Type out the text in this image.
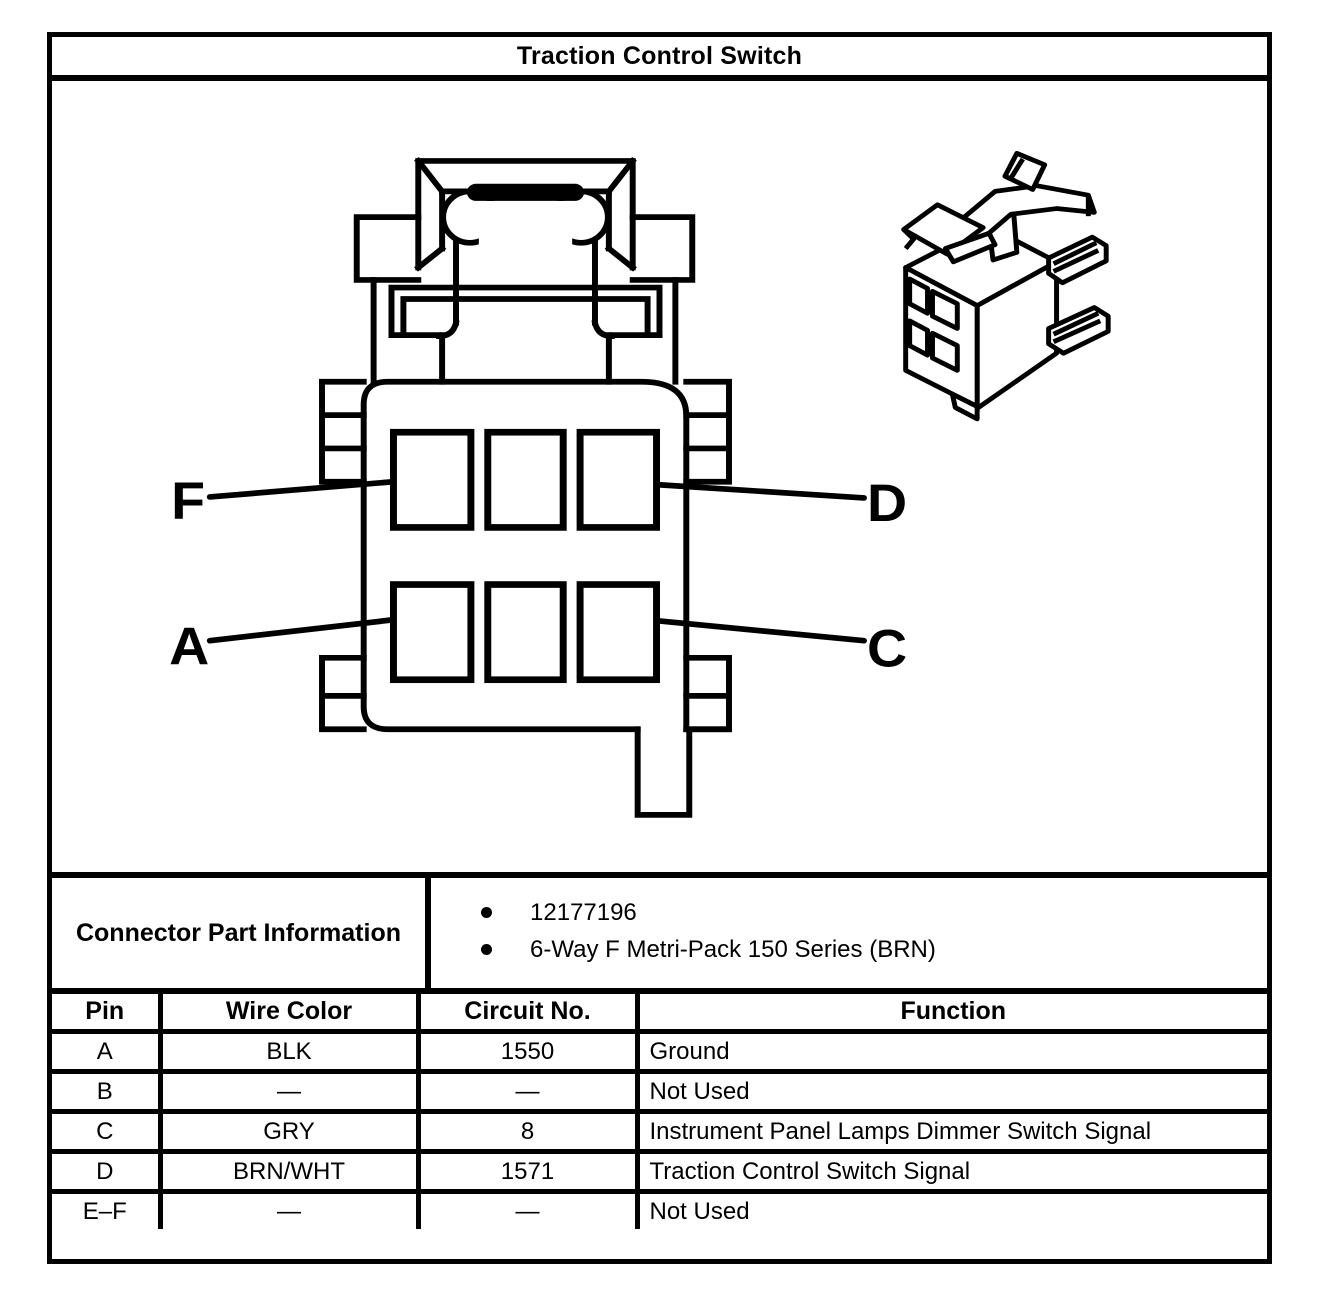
Traction Control Switch
F
A
D
C
Connector Part Information
12177196
6-Way F Metri-Pack 150 Series (BRN)
Pin	Wire Color	Circuit No.	Function
A	BLK	1550	Ground
B	—	—	Not Used
C	GRY	8	Instrument Panel Lamps Dimmer Switch Signal
D	BRN/WHT	1571	Traction Control Switch Signal
E–F	—	—	Not Used
